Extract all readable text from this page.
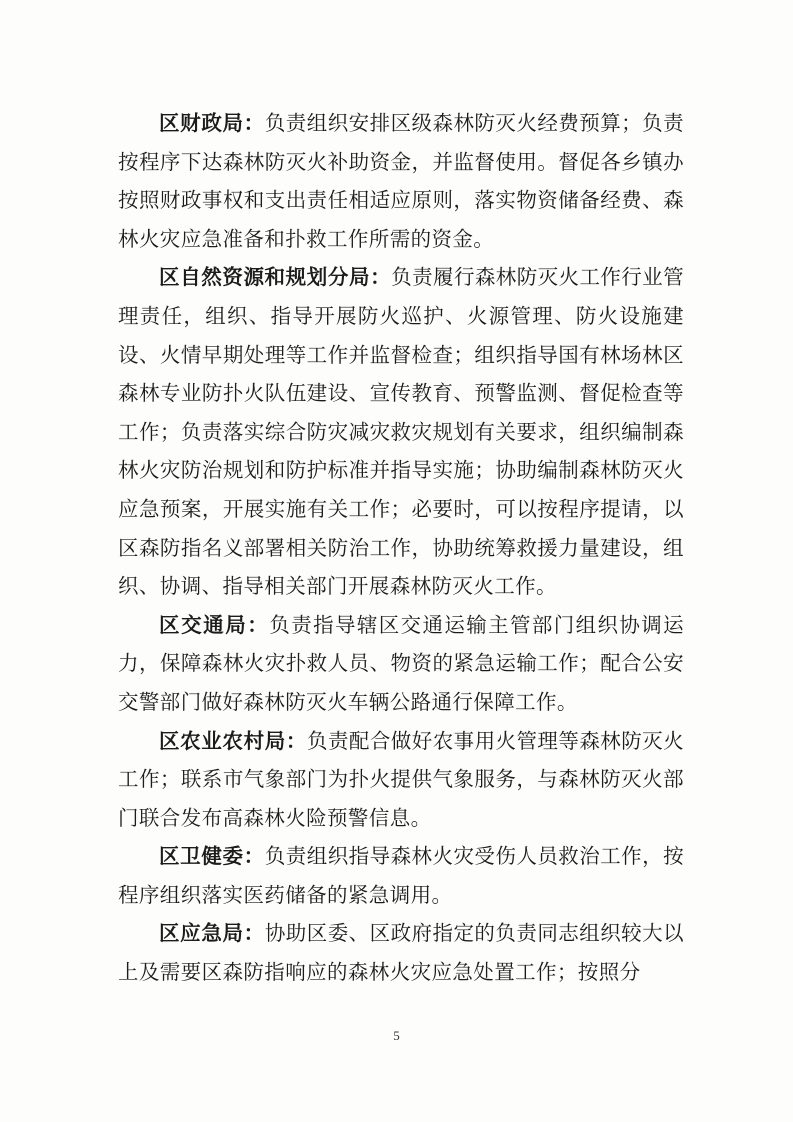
区财政局：负责组织安排区级森林防灭火经费预算；负责按程序下达森林防灭火补助资金，并监督使用。督促各乡镇办按照财政事权和支出责任相适应原则，落实物资储备经费、森林火灾应急准备和扑救工作所需的资金。

区自然资源和规划分局：负责履行森林防灭火工作行业管理责任，组织、指导开展防火巡护、火源管理、防火设施建设、火情早期处理等工作并监督检查；组织指导国有林场林区森林专业防扑火队伍建设、宣传教育、预警监测、督促检查等工作；负责落实综合防灾减灾救灾规划有关要求，组织编制森林火灾防治规划和防护标准并指导实施；协助编制森林防灭火应急预案，开展实施有关工作；必要时，可以按程序提请，以区森防指名义部署相关防治工作，协助统筹救援力量建设，组织、协调、指导相关部门开展森林防灭火工作。

区交通局：负责指导辖区交通运输主管部门组织协调运力，保障森林火灾扑救人员、物资的紧急运输工作；配合公安交警部门做好森林防灭火车辆公路通行保障工作。

区农业农村局：负责配合做好农事用火管理等森林防灭火工作；联系市气象部门为扑火提供气象服务，与森林防灭火部门联合发布高森林火险预警信息。

区卫健委：负责组织指导森林火灾受伤人员救治工作，按程序组织落实医药储备的紧急调用。

区应急局：协助区委、区政府指定的负责同志组织较大以上及需要区森防指响应的森林火灾应急处置工作；按照分

5
